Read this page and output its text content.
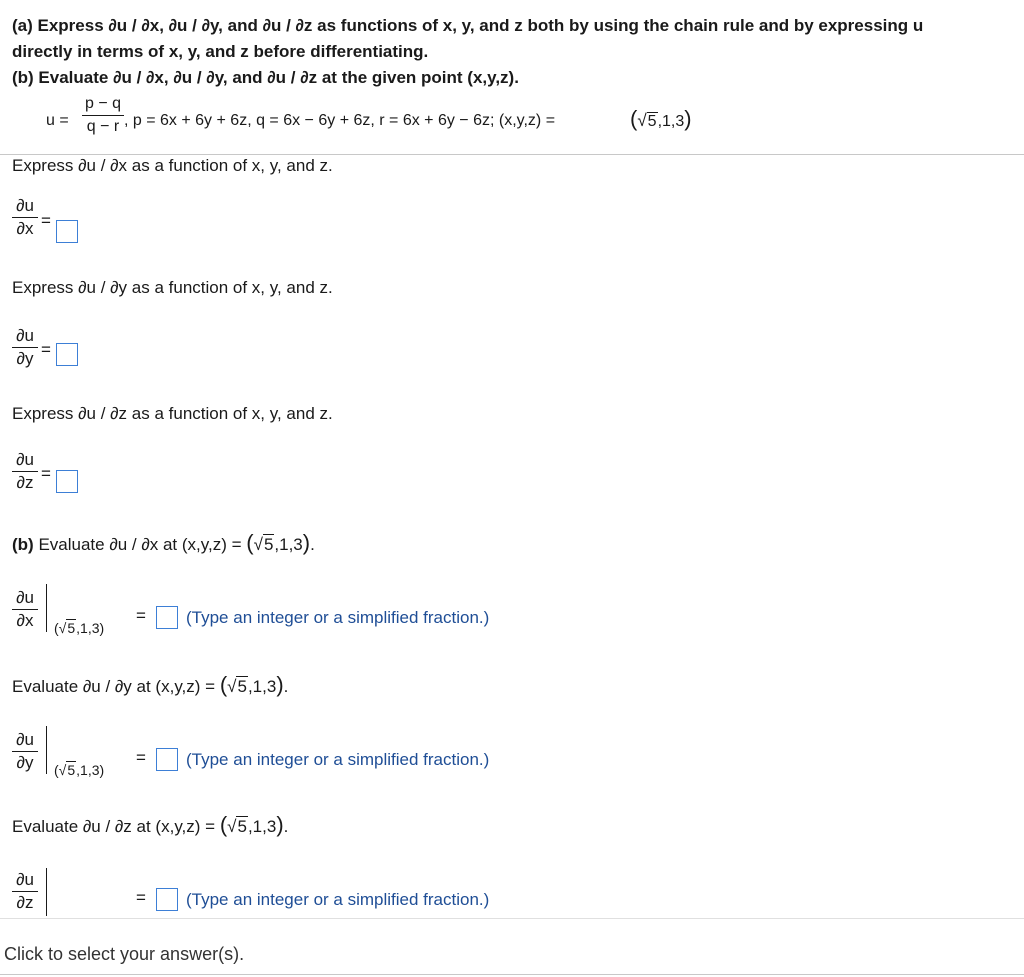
(a) Express ∂u / ∂x, ∂u / ∂y, and ∂u / ∂z as functions of x, y, and z both by using the chain rule and by expressing u
directly in terms of x, y, and z before differentiating.
(b) Evaluate ∂u / ∂x, ∂u / ∂y, and ∂u / ∂z at the given point (x,y,z).
u =
p − q
q − r , p = 6x + 6y + 6z, q = 6x − 6y + 6z, r = 6x + 6y − 6z; (x,y,z) =	(√5,1,3)
Express ∂u / ∂x as a function of x, y, and z.
∂u
∂x =
Express ∂u / ∂y as a function of x, y, and z.
∂u
∂y =
Express ∂u / ∂z as a function of x, y, and z.
∂u
∂z =
(b) Evaluate ∂u / ∂x at (x,y,z) = (√5,1,3).
∂u
∂x	(√5,1,3)
= (Type an integer or a simplified fraction.)
Evaluate ∂u / ∂y at (x,y,z) = (√5,1,3).
∂u
∂y	(√5,1,3)
= (Type an integer or a simplified fraction.)
Evaluate ∂u / ∂z at (x,y,z) = (√5,1,3).
∂u
∂z	= (Type an integer or a simplified fraction.)
Click to select your answer(s).
